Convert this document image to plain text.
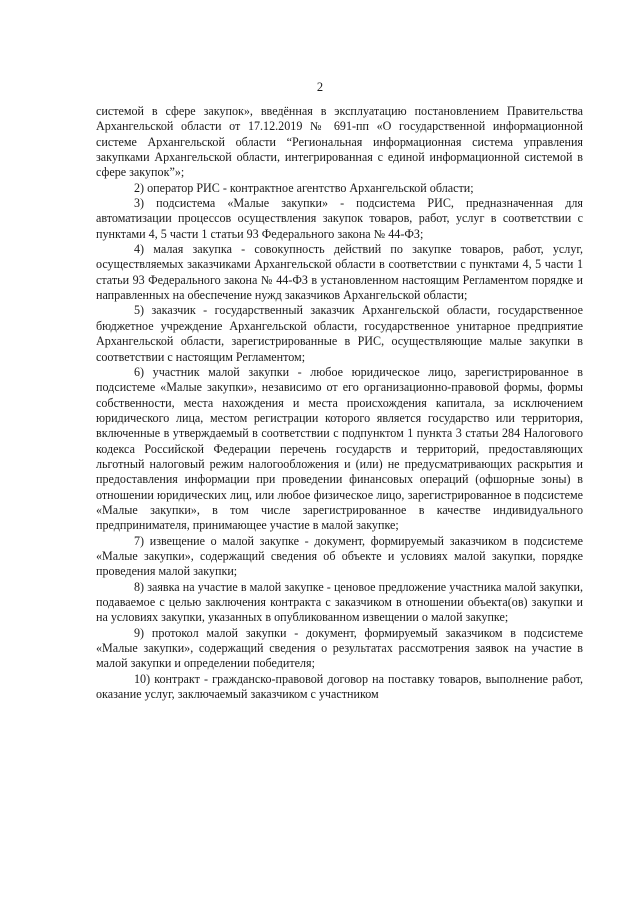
2

системой в сфере закупок», введённая в эксплуатацию постановлением Правительства Архангельской области от 17.12.2019 № 691-пп «О государственной информационной системе Архангельской области “Региональная информационная система управления закупками Архангельской области, интегрированная с единой информационной системой в сфере закупок”»;

2) оператор РИС - контрактное агентство Архангельской области;

3) подсистема «Малые закупки» - подсистема РИС, предназначенная для автоматизации процессов осуществления закупок товаров, работ, услуг в соответствии с пунктами 4, 5 части 1 статьи 93 Федерального закона № 44-ФЗ;

4) малая закупка - совокупность действий по закупке товаров, работ, услуг, осуществляемых заказчиками Архангельской области в соответствии с пунктами 4, 5 части 1 статьи 93 Федерального закона № 44-ФЗ в установленном настоящим Регламентом порядке и направленных на обеспечение нужд заказчиков Архангельской области;

5) заказчик - государственный заказчик Архангельской области, государственное бюджетное учреждение Архангельской области, государственное унитарное предприятие Архангельской области, зарегистрированные в РИС, осуществляющие малые закупки в соответствии с настоящим Регламентом;

6) участник малой закупки - любое юридическое лицо, зарегистрированное в подсистеме «Малые закупки», независимо от его организационно-правовой формы, формы собственности, места нахождения и места происхождения капитала, за исключением юридического лица, местом регистрации которого является государство или территория, включенные в утверждаемый в соответствии с подпунктом 1 пункта 3 статьи 284 Налогового кодекса Российской Федерации перечень государств и территорий, предоставляющих льготный налоговый режим налогообложения и (или) не предусматривающих раскрытия и предоставления информации при проведении финансовых операций (офшорные зоны) в отношении юридических лиц, или любое физическое лицо, зарегистрированное в подсистеме «Малые закупки», в том числе зарегистрированное в качестве индивидуального предпринимателя, принимающее участие в малой закупке;

7) извещение о малой закупке - документ, формируемый заказчиком в подсистеме «Малые закупки», содержащий сведения об объекте и условиях малой закупки, порядке проведения малой закупки;

8) заявка на участие в малой закупке - ценовое предложение участника малой закупки, подаваемое с целью заключения контракта с заказчиком в отношении объекта(ов) закупки и на условиях закупки, указанных в опубликованном извещении о малой закупке;

9) протокол малой закупки - документ, формируемый заказчиком в подсистеме «Малые закупки», содержащий сведения о результатах рассмотрения заявок на участие в малой закупки и определении победителя;

10) контракт - гражданско-правовой договор на поставку товаров, выполнение работ, оказание услуг, заключаемый заказчиком с участником
